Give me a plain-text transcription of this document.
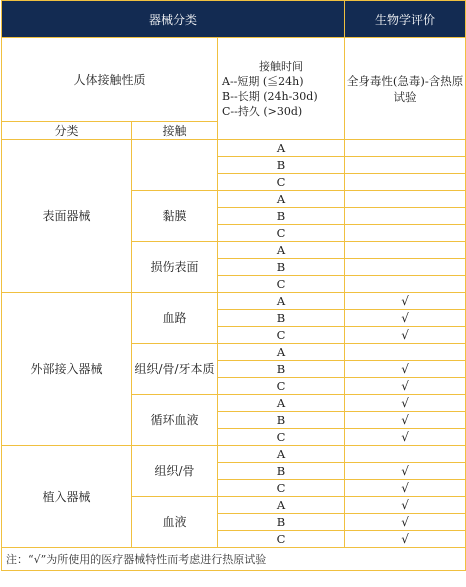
器械分类			生物学评价
人体接触性质		接触时间
A--短期 (≦24h)
B--长期 (24h-30d)
C--持久 (>30d)	全身毒性(急毒)-含热原试验
分类	接触		
表面器械		A	
		B	
		C	
	黏膜	A	
		B	
		C	
	损伤表面	A	
		B	
		C	
外部接入器械	血路	A	√
		B	√
		C	√
	组织/骨/牙本质	A	
		B	√
		C	√
	循环血液	A	√
		B	√
		C	√
植入器械	组织/骨	A	
		B	√
		C	√
	血液	A	√
		B	√
		C	√
注：“√”为所使用的医疗器械特性而考虑进行热原试验			
